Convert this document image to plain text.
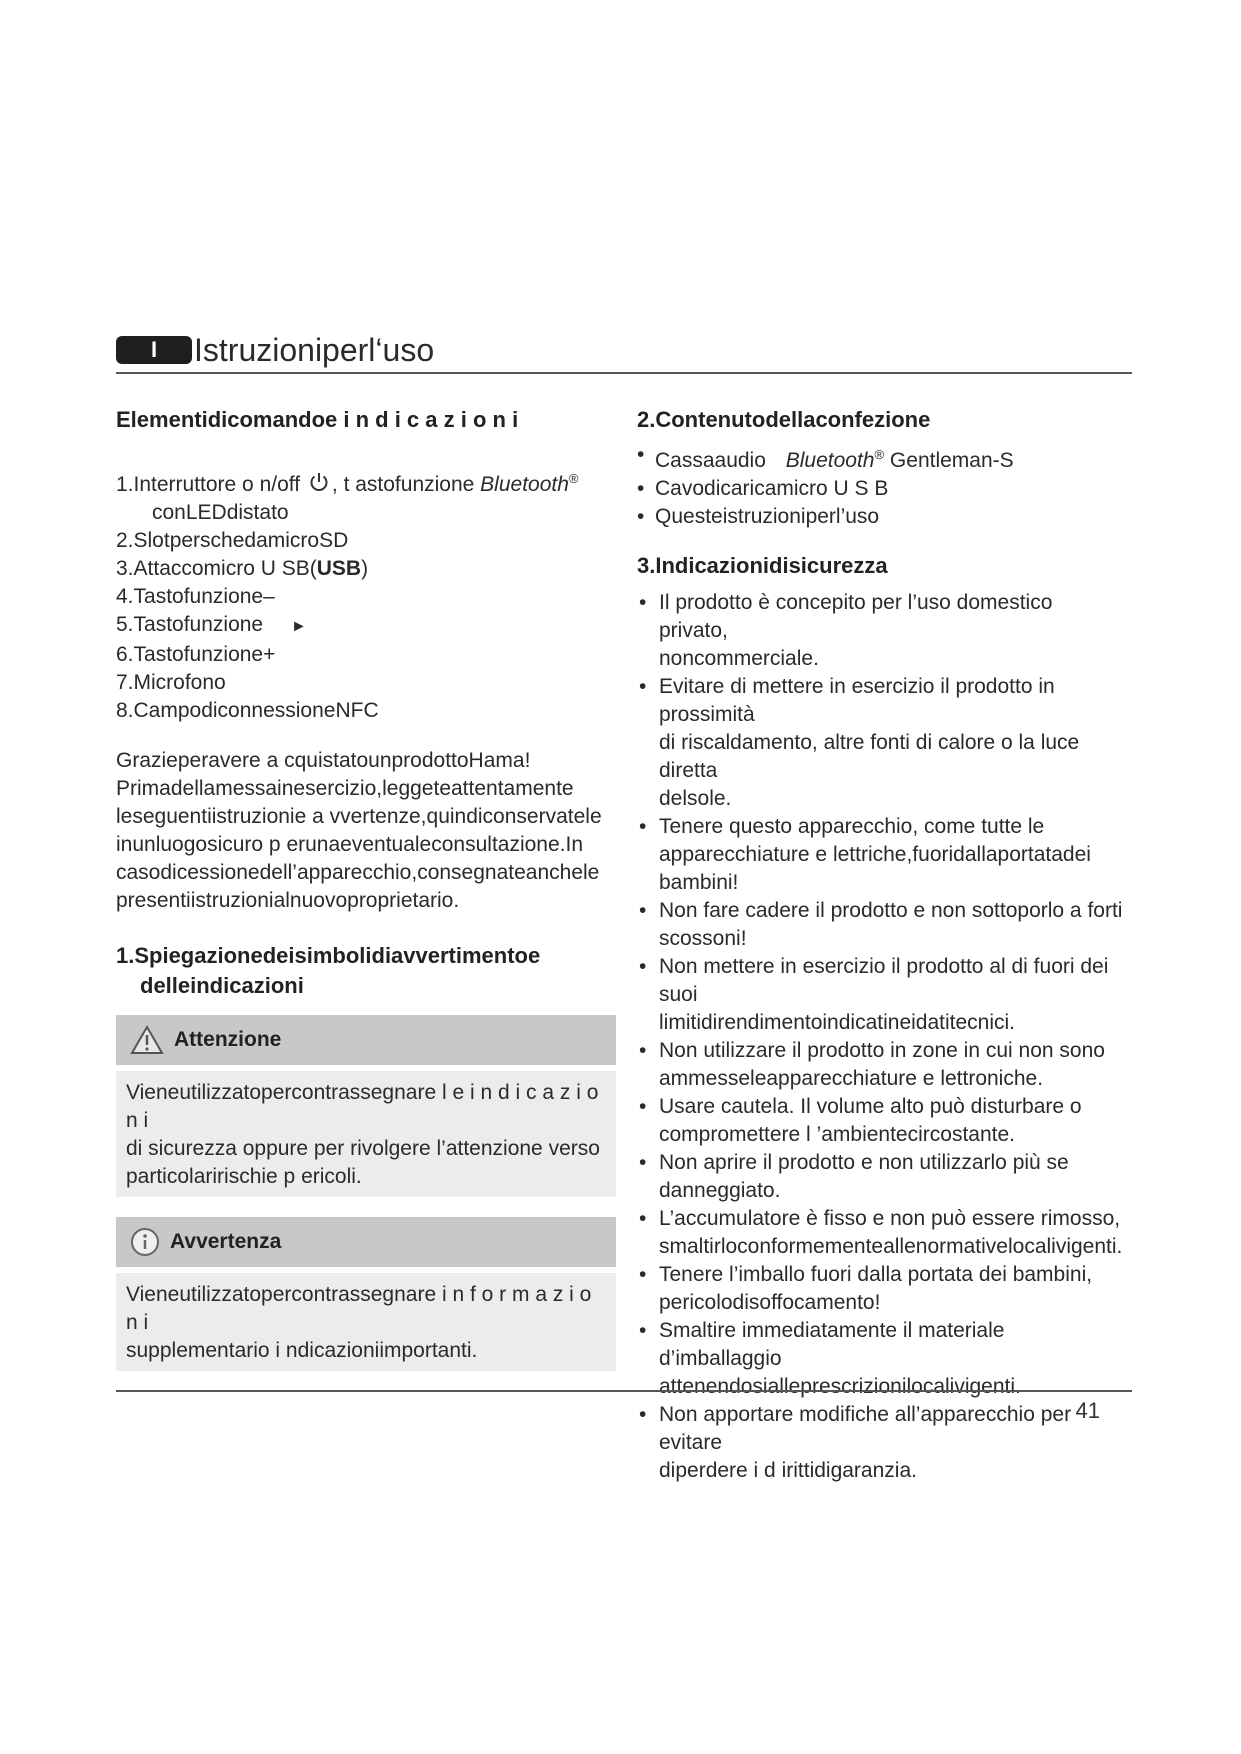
I	Istruzioniperl‘uso
Elementidicomandoe i n d i c a z i o n i
1.Interruttore o n/off , t astofunzione Bluetooth®
conLEDdistato
2.SlotperschedamicroSD
3.Attaccomicro U SB(USB)
4.Tastofunzione–
5.Tastofunzione ►
6.Tastofunzione+
7.Microfono
8.CampodiconnessioneNFC
Grazieperavere a cquistatounprodottoHama!
Primadellamessainesercizio,leggeteattentamente
leseguentiistruzionie a vvertenze,quindiconservatele
inunluogosicuro p erunaeventualeconsultazione.In
casodicessionedell’apparecchio,consegnateanchele
presentiistruzionialnuovoproprietario.
1.Spiegazionedeisimbolidiavvertimentoe
delleindicazioni
Attenzione
Vieneutilizzatopercontrassegnare l e i n d i c a z i o n i
di sicurezza oppure per rivolgere l’attenzione verso
particolaririschie p ericoli.
Avvertenza
Vieneutilizzatopercontrassegnare i n f o r m a z i o n i
supplementario i ndicazioniimportanti.
2.Contenutodellaconfezione
• Cassaaudio Bluetooth® Gentleman-S
• Cavodicaricamicro U S B
• Questeistruzioniperl’uso
3.Indicazionidisicurezza
• Il prodotto è concepito per l’uso domestico privato,
noncommerciale.
• Evitare di mettere in esercizio il prodotto in prossimità
di riscaldamento, altre fonti di calore o la luce diretta
delsole.
• Tenere questo apparecchio, come tutte le
apparecchiature e lettriche,fuoridallaportatadei
bambini!
• Non fare cadere il prodotto e non sottoporlo a forti
scossoni!
• Non mettere in esercizio il prodotto al di fuori dei suoi
limitidirendimentoindicatineidatitecnici.
• Non utilizzare il prodotto in zone in cui non sono
ammesseleapparecchiature e lettroniche.
• Usare cautela. Il volume alto può disturbare o
compromettere l ’ambientecircostante.
• Non aprire il prodotto e non utilizzarlo più se
danneggiato.
• L’accumulatore è fisso e non può essere rimosso,
smaltirloconformementeallenormativelocalivigenti.
• Tenere l’imballo fuori dalla portata dei bambini,
pericolodisoffocamento!
• Smaltire immediatamente il materiale d’imballaggio
attenendosialleprescrizionilocalivigenti.
• Non apportare modifiche all’apparecchio per evitare
diperdere i d irittidigaranzia.
41
